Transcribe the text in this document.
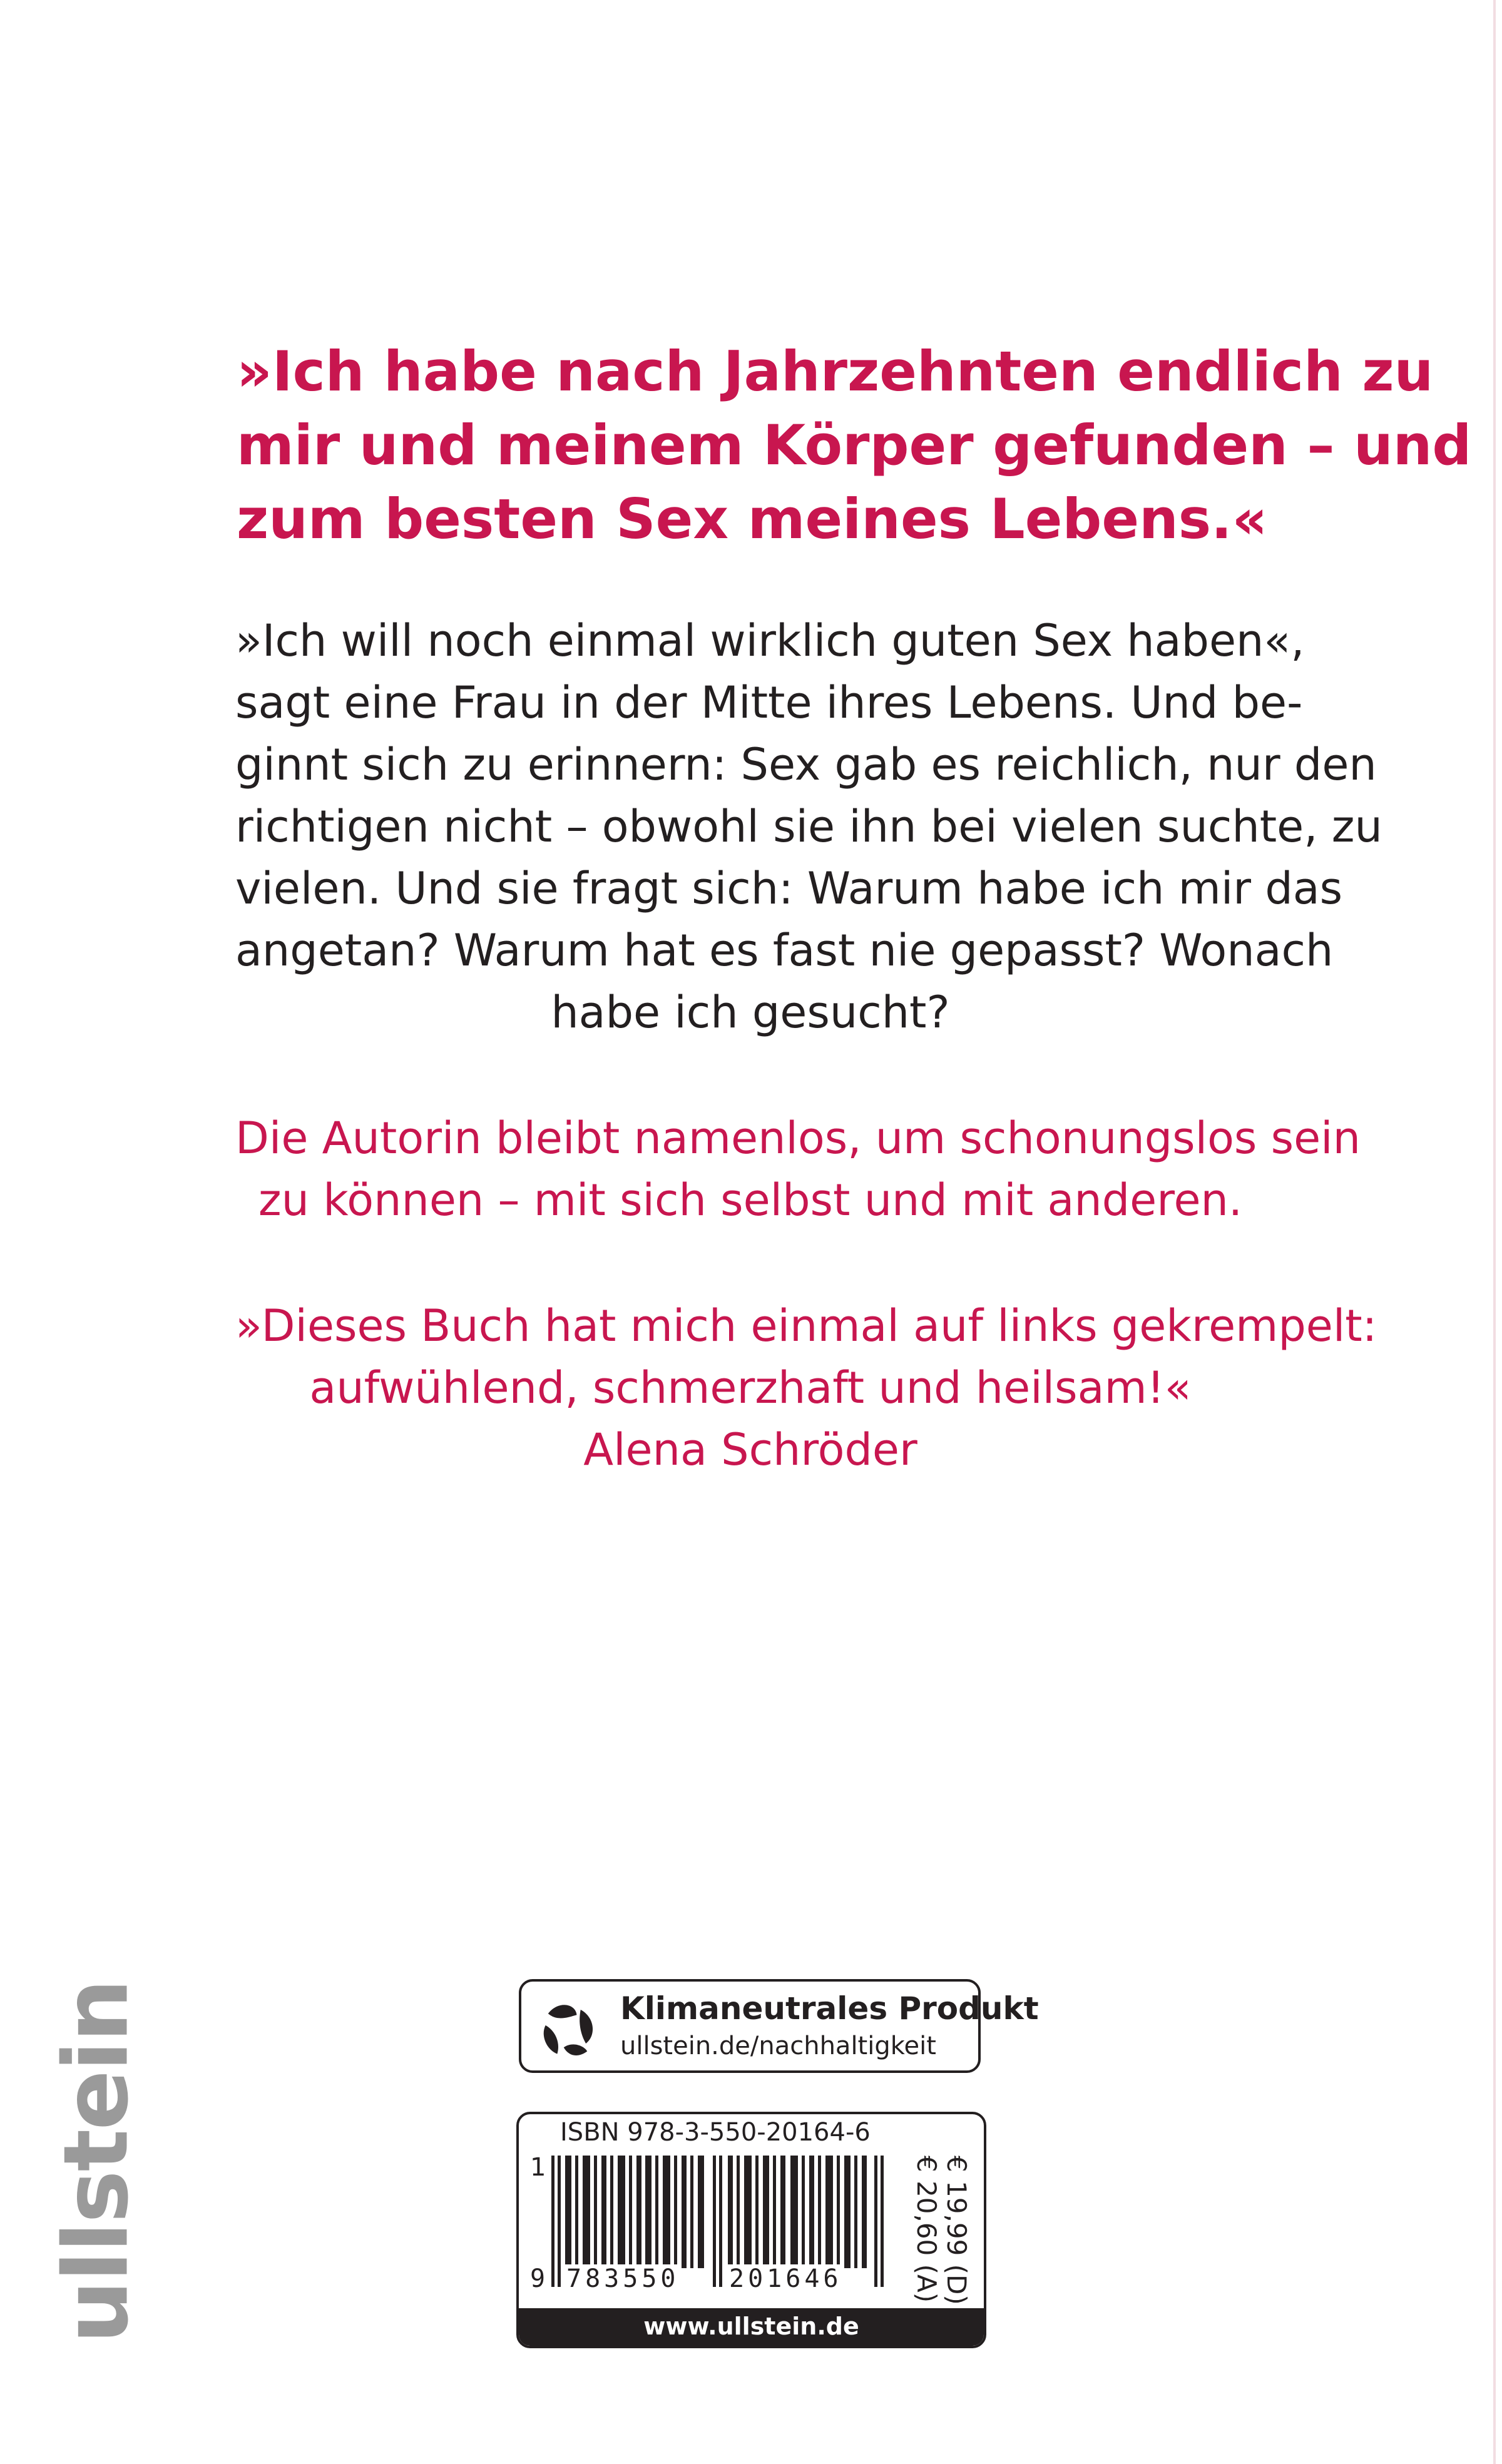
»Ich habe nach Jahrzehnten endlich zu
mir und meinem Körper gefunden – und
zum besten Sex meines Lebens.«
»Ich will noch einmal wirklich guten Sex haben«,
sagt eine Frau in der Mitte ihres Lebens. Und be-
ginnt sich zu erinnern: Sex gab es reichlich, nur den
richtigen nicht – obwohl sie ihn bei vielen suchte, zu
vielen. Und sie fragt sich: Warum habe ich mir das
angetan? Warum hat es fast nie gepasst? Wonach
habe ich gesucht?
Die Autorin bleibt namenlos, um schonungslos sein
zu können – mit sich selbst und mit anderen.
»Dieses Buch hat mich einmal auf links gekrempelt:
aufwühlend, schmerzhaft und heilsam!«
Alena Schröder
ullstein	Klimaneutrales Produkt
ullstein.de/nachhaltigkeit
ISBN 978-3-550-20164-6
1
9 783550 201646	€ 19,99 (D)
€ 20,60 (A)
www.ullstein.de
